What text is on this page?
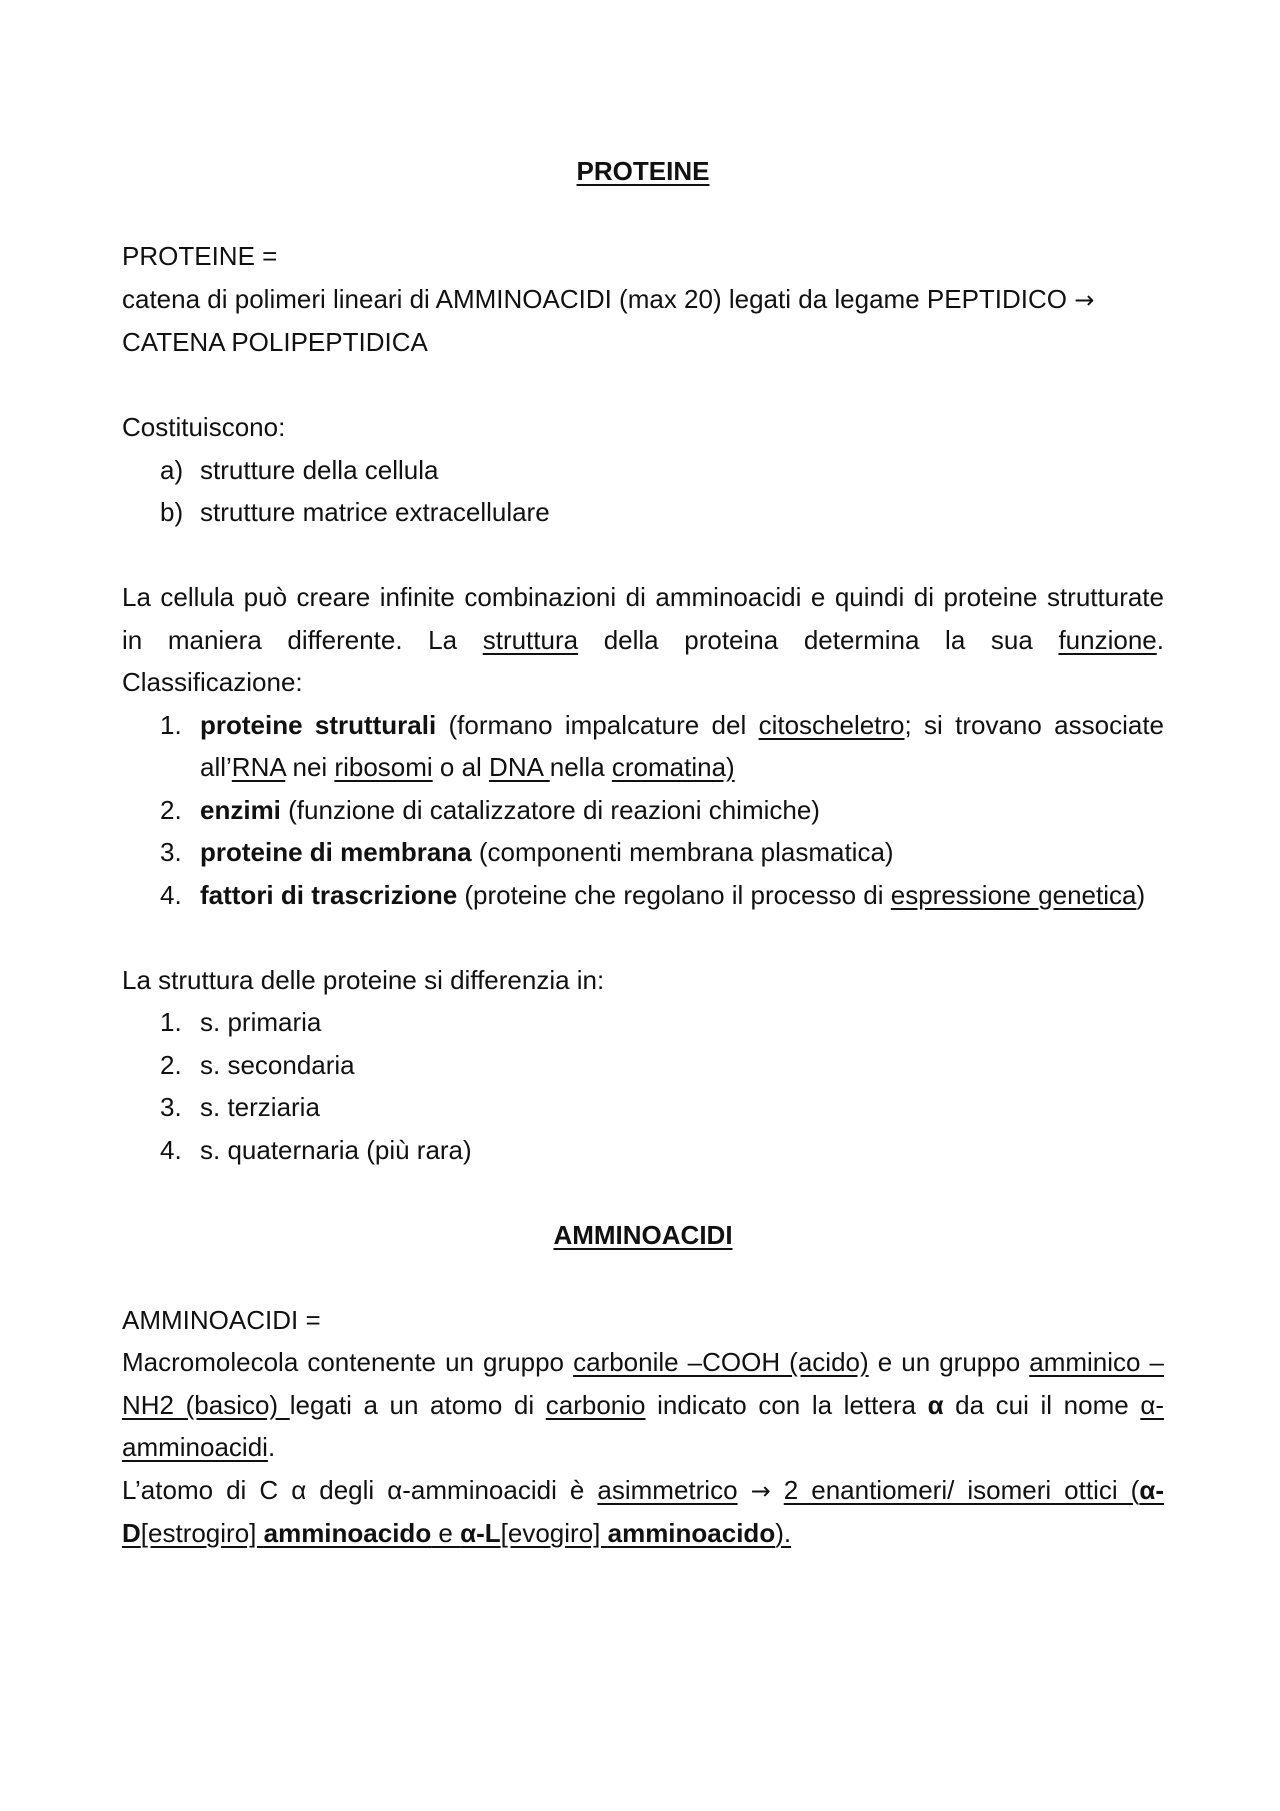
PROTEINE

PROTEINE =

catena di polimeri lineari di AMMINOACIDI (max 20) legati da legame PEPTIDICO →

CATENA POLIPEPTIDICA

Costituiscono:

a) strutture della cellula
b) strutture matrice extracellulare

La cellula può creare infinite combinazioni di amminoacidi e quindi di proteine strutturate in maniera differente. La struttura della proteina determina la sua funzione. Classificazione:

1. proteine strutturali (formano impalcature del citoscheletro; si trovano associate all’RNA nei ribosomi o al DNA nella cromatina)
2. enzimi (funzione di catalizzatore di reazioni chimiche)
3. proteine di membrana (componenti membrana plasmatica)
4. fattori di trascrizione (proteine che regolano il processo di espressione genetica)

La struttura delle proteine si differenzia in:

1. s. primaria
2. s. secondaria
3. s. terziaria
4. s. quaternaria (più rara)

AMMINOACIDI

AMMINOACIDI =

Macromolecola contenente un gruppo carbonile –COOH (acido) e un gruppo amminico –NH2 (basico) legati a un atomo di carbonio indicato con la lettera α da cui il nome α-amminoacidi.

L’atomo di C α degli α-amminoacidi è asimmetrico → 2 enantiomeri/ isomeri ottici (α-D[estrogiro] amminoacido e α-L[evogiro] amminoacido).
